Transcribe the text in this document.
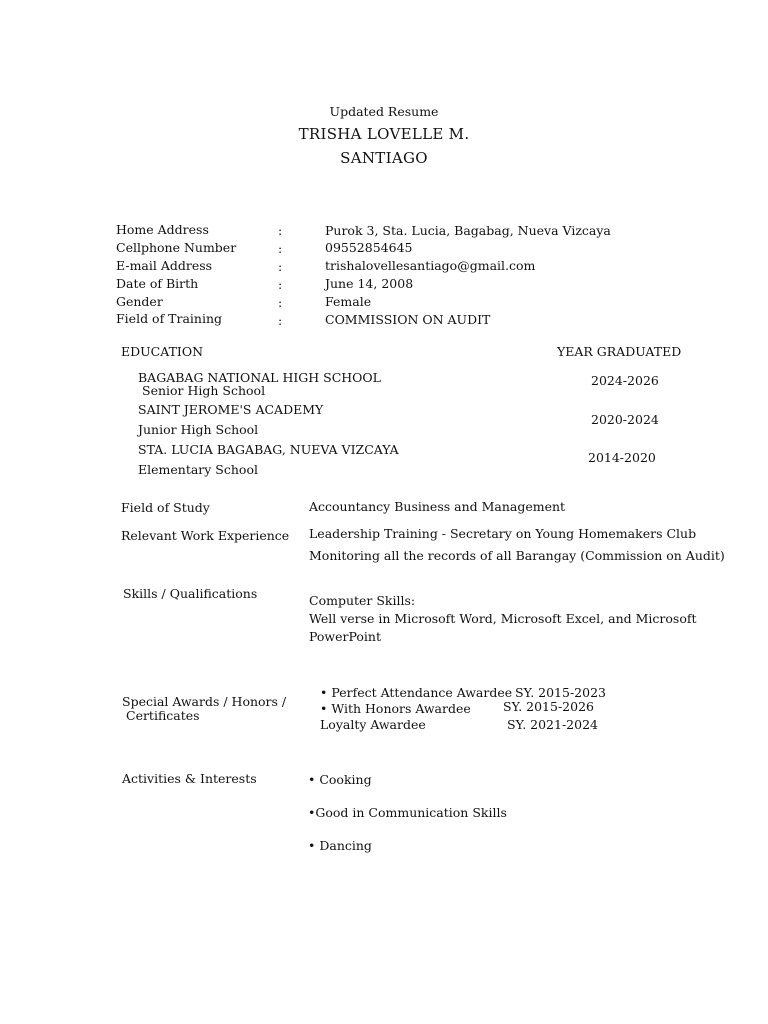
Updated Resume
TRISHA LOVELLE M.
SANTIAGO
Home Address	:	Purok 3, Sta. Lucia, Bagabag, Nueva Vizcaya
Cellphone Number	:	09552854645
E-mail Address	:	trishalovellesantiago@gmail.com
Date of Birth	:	June 14, 2008
Gender	:	Female
Field of Training	:	COMMISSION ON AUDIT
EDUCATION	YEAR GRADUATED
BAGABAG NATIONAL HIGH SCHOOL
Senior High School
2024-2026
SAINT JEROME'S ACADEMY
Junior High School
2020-2024
STA. LUCIA BAGABAG, NUEVA VIZCAYA
Elementary School
2014-2020
Field of Study	Accountancy Business and Management
Relevant Work Experience Leadership Training - Secretary on Young Homemakers Club
Monitoring all the records of all Barangay (Commission on Audit)
Skills / Qualifications	Computer Skills:
Well verse in Microsoft Word, Microsoft Excel, and Microsoft
PowerPoint
Special Awards / Honors /
Certificates
• Perfect Attendance Awardee SY. 2015-2023
• With Honors Awardee	SY. 2015-2026
Loyalty Awardee	SY. 2021-2024
Activities & Interests	• Cooking
•Good in Communication Skills
• Dancing
